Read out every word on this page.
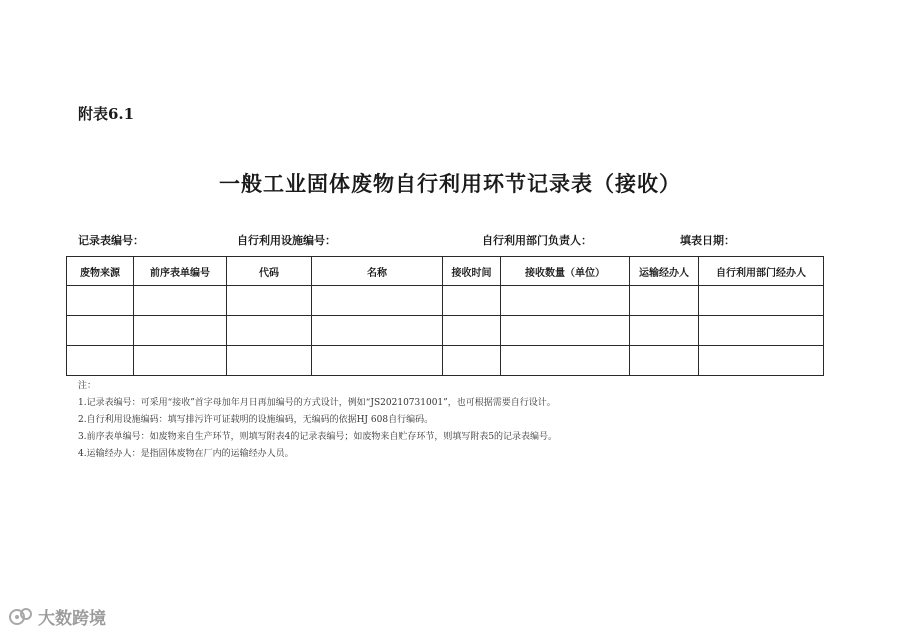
附表6.1
一般工业固体废物自行利用环节记录表（接收）
记录表编号：	自行利用设施编号：	自行利用部门负责人：	填表日期：
废物来源	前序表单编号	代码	名称	接收时间	接收数量（单位）	运输经办人	自行利用部门经办人

注：
1.记录表编号：可采用“接收”首字母加年月日再加编号的方式设计，例如“JS20210731001”，也可根据需要自行设计。
2.自行利用设施编码：填写排污许可证载明的设施编码，无编码的依据HJ 608自行编码。
3.前序表单编号：如废物来自生产环节，则填写附表4的记录表编号；如废物来自贮存环节，则填写附表5的记录表编号。
4.运输经办人：是指固体废物在厂内的运输经办人员。
大数跨境
